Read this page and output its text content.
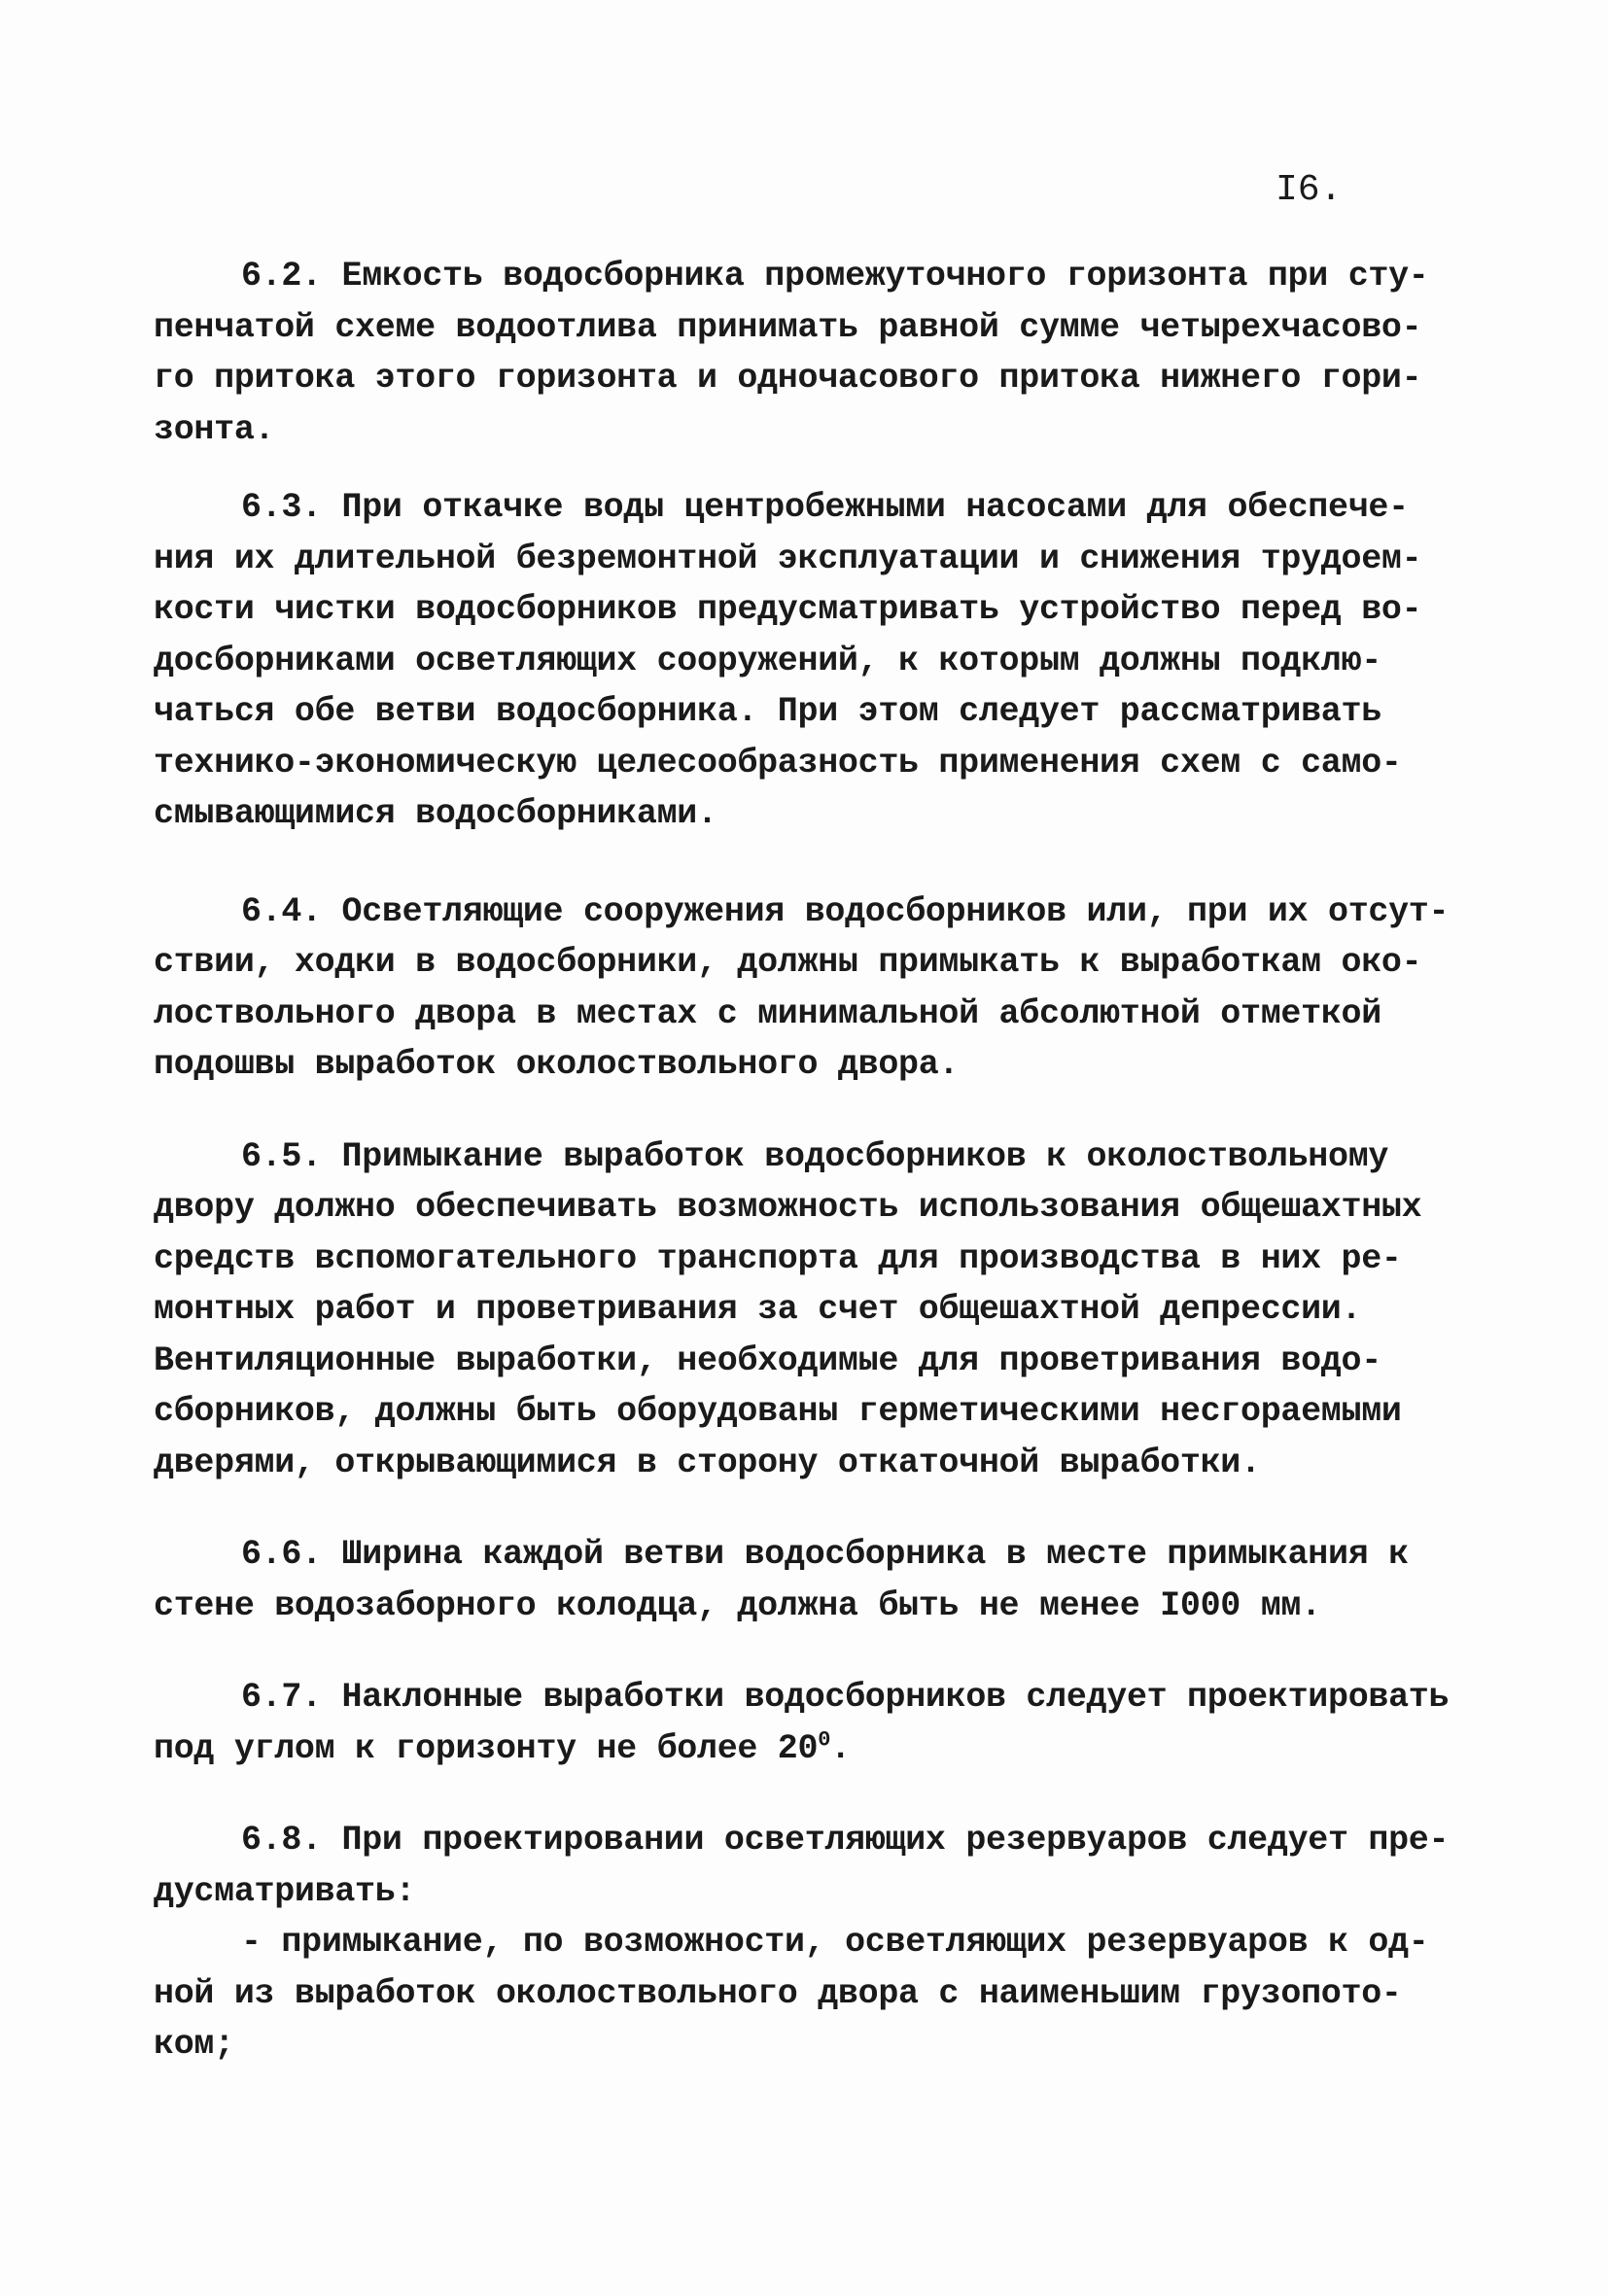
I6.

6.2. Емкость водосборника промежуточного горизонта при сту-
пенчатой схеме водоотлива принимать равной сумме четырехчасово-
го притока этого горизонта и одночасового притока нижнего гори-
зонта.

6.3. При откачке воды центробежными насосами для обеспече-
ния их длительной безремонтной эксплуатации и снижения трудоем-
кости чистки водосборников предусматривать устройство перед во-
досборниками осветляющих сооружений, к которым должны подклю-
чаться обе ветви водосборника. При этом следует рассматривать
технико-экономическую целесообразность применения схем с само-
смывающимися водосборниками.

6.4. Осветляющие сооружения водосборников или, при их отсут-
ствии, ходки в водосборники, должны примыкать к выработкам око-
лоствольного двора в местах с минимальной абсолютной отметкой
подошвы выработок околоствольного двора.

6.5. Примыкание выработок водосборников к околоствольному
двору должно обеспечивать возможность использования общешахтных
средств вспомогательного транспорта для производства в них ре-
монтных работ и проветривания за счет общешахтной депрессии.
Вентиляционные выработки, необходимые для проветривания водо-
сборников, должны быть оборудованы герметическими несгораемыми
дверями, открывающимися в сторону откаточной выработки.

6.6. Ширина каждой ветви водосборника в месте примыкания к
стене водозаборного колодца, должна быть не менее I000 мм.

6.7. Наклонные выработки водосборников следует проектировать
под углом к горизонту не более $20^0$.

6.8. При проектировании осветляющих резервуаров следует пре-
дусматривать:
- примыкание, по возможности, осветляющих резервуаров к од-
ной из выработок околоствольного двора с наименьшим грузопото-
ком;
